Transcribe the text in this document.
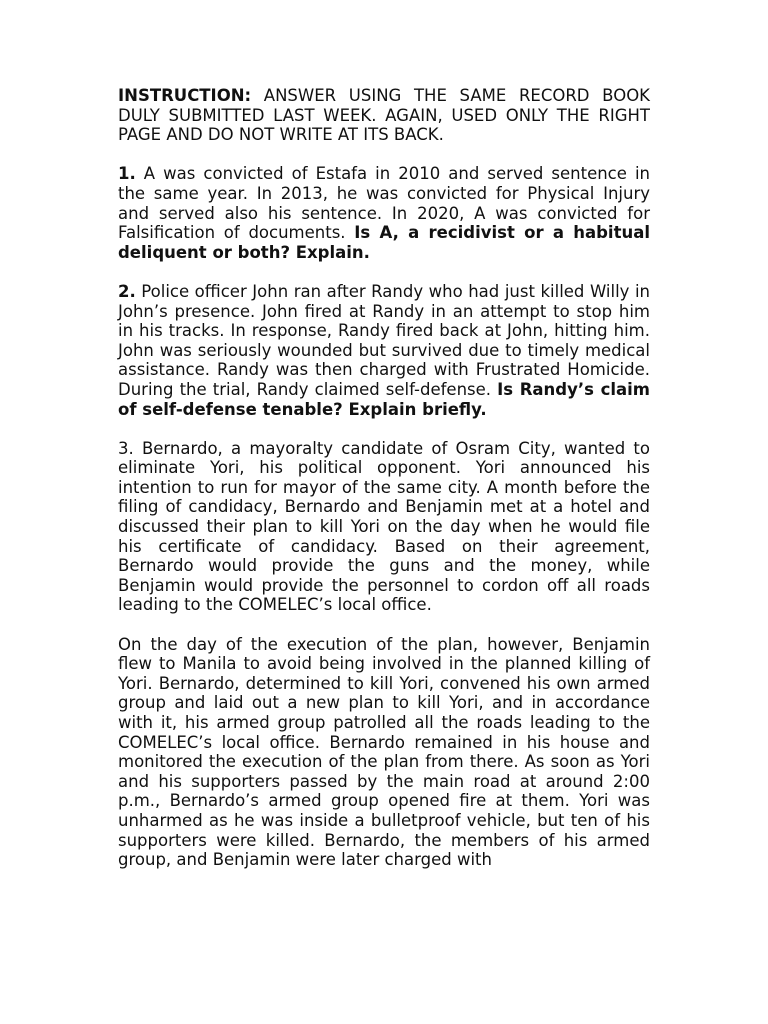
INSTRUCTION: ANSWER USING THE SAME RECORD BOOK DULY SUBMITTED LAST WEEK. AGAIN, USED ONLY THE RIGHT PAGE AND DO NOT WRITE AT ITS BACK.

1. A was convicted of Estafa in 2010 and served sentence in the same year. In 2013, he was convicted for Physical Injury and served also his sentence. In 2020, A was convicted for Falsification of documents. Is A, a recidivist or a habitual deliquent or both? Explain.

2. Police officer John ran after Randy who had just killed Willy in John’s presence. John fired at Randy in an attempt to stop him in his tracks. In response, Randy fired back at John, hitting him. John was seriously wounded but survived due to timely medical assistance. Randy was then charged with Frustrated Homicide. During the trial, Randy claimed self-defense. Is Randy’s claim of self-defense tenable? Explain briefly.

3. Bernardo, a mayoralty candidate of Osram City, wanted to eliminate Yori, his political opponent. Yori announced his intention to run for mayor of the same city. A month before the filing of candidacy, Bernardo and Benjamin met at a hotel and discussed their plan to kill Yori on the day when he would file his certificate of candidacy. Based on their agreement, Bernardo would provide the guns and the money, while Benjamin would provide the personnel to cordon off all roads leading to the COMELEC’s local office.

On the day of the execution of the plan, however, Benjamin flew to Manila to avoid being involved in the planned killing of Yori. Bernardo, determined to kill Yori, convened his own armed group and laid out a new plan to kill Yori, and in accordance with it, his armed group patrolled all the roads leading to the COMELEC’s local office. Bernardo remained in his house and monitored the execution of the plan from there. As soon as Yori and his supporters passed by the main road at around 2:00 p.m., Bernardo’s armed group opened fire at them. Yori was unharmed as he was inside a bulletproof vehicle, but ten of his supporters were killed. Bernardo, the members of his armed group, and Benjamin were later charged with
